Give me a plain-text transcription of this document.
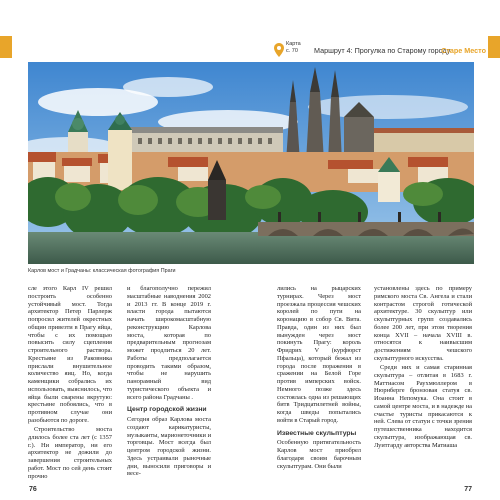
Карта
с. 70	Маршрут 4: Прогулка по Старому городу
Старе Место
Карлов мост и Градчаны: классическая фотография Праги

сле этого Карл IV решил построить особенно устойчивый мост. Тогда архитектор Петер Парлерж попросил жителей окрестных общин привезти в Прагу яйца, чтобы с их помощью повысить силу сцепления строительного раствора. Крестьяне из Раковника прислали внушительное количество яиц. Но, когда каменщики собрались их использовать, выяснилось, что яйца были сварены вкрутую: крестьяне побоялись, что в противном случае они разобьются по дороге.

Строительство моста длилось более ста лет (с 1357 г.). Ни император, ни его архитектор не дожили до завершения строительных работ. Мост по сей день стоит прочно

и благополучно пережил масштабные наводнения 2002 и 2013 гг. В конце 2019 г. власти города пытаются начать широкомасштабную реконструкцию Карлова моста, которая по предварительным прогнозам может продлиться 20 лет. Работы предполагается проводить такими образом, чтобы не нарушить панорамный вид туристического объекта и всего района Градчаны .

Центр городской жизни

Сегодня образ Карлова моста создают карикатуристы, музыканты, марионеточники и торговцы. Мост всегда был центром городской жизни. Здесь устраивали рыночные дни, выносили приговоры и весе-

лились на рыцарских турнирах. Через мост проезжала процессия чешских королей по пути на коронацию в собор Св. Вита. Правда, один из них был вынужден через мост покинуть Прагу: король Фридрих V (курфюрст Пфальца), который бежал из города после поражения в сражении на Белой Горе против имперских войск. Немного позже здесь состоялась одна из решающих битв Тридцатилетней войны, когда шведы попытались войти в Старый город.

Известные скульптуры

Особенную притягательность Карлов мост приобрел благодаря своим барочным скульптурам. Они были

установлены здесь по примеру римского моста Св. Ангела и стали контрастом строгой готической архитектуре. 30 скульптур или скульптурных групп создавались более 200 лет, при этом творения конца XVII – начала XVIII в. относятся к наивысшим достижениям чешского скульптурного искусства.

Среди них и самая старинная скульптура – отлитая в 1683 г. Маттиасом Раухмюллером в Нюрнберге бронзовая статуя св. Иоанна Непомука. Она стоит в самой центре моста, и в надежде на счастье туристы прикасаются к ней. Слева от статуи с точки зрения путешественника находится скульптура, изображающая св. Луитгарду авторства Матиаша

76	77
